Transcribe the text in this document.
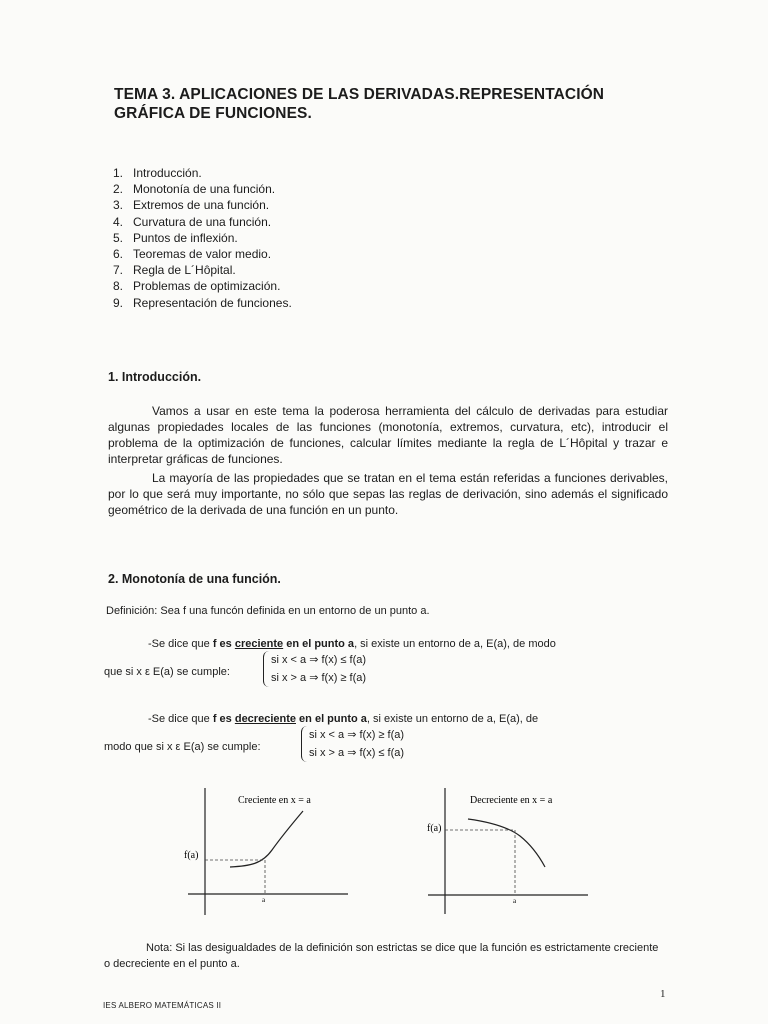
TEMA 3. APLICACIONES DE LAS DERIVADAS.REPRESENTACIÓN GRÁFICA DE FUNCIONES.
1. Introducción.
2. Monotonía de una función.
3. Extremos de una función.
4. Curvatura de una función.
5. Puntos de inflexión.
6. Teoremas de valor medio.
7. Regla de L´Hôpital.
8. Problemas de optimización.
9. Representación de funciones.
1. Introducción.
Vamos a usar en este tema la poderosa herramienta del cálculo de derivadas para estudiar algunas propiedades locales de las funciones (monotonía, extremos, curvatura, etc), introducir el problema de la optimización de funciones, calcular límites mediante la regla de L´Hôpital y trazar e interpretar gráficas de funciones.
La mayoría de las propiedades que se tratan en el tema están referidas a funciones derivables, por lo que será muy importante, no sólo que sepas las reglas de derivación, sino además el significado geométrico de la derivada de una función en un punto.
2. Monotonía de una función.
Definición: Sea f una funcón definida en un entorno de un punto a.
-Se dice que f es creciente en el punto a, si existe un entorno de a, E(a), de modo
que si x ε E(a) se cumple:
si x < a ⇒ f(x) ≤ f(a)
si x > a ⇒ f(x) ≥ f(a)
-Se dice que f es decreciente en el punto a, si existe un entorno de a, E(a), de
modo que si x ε E(a) se cumple:
si x < a ⇒ f(x) ≥ f(a)
si x > a ⇒ f(x) ≤ f(a)
Creciente en x = a
f(a)
a
Decreciente en x = a
f(a)
a
Nota: Si las desigualdades de la definición son estrictas se dice que la función es estrictamente creciente o decreciente en el punto a.
IES ALBERO MATEMÁTICAS II
1
